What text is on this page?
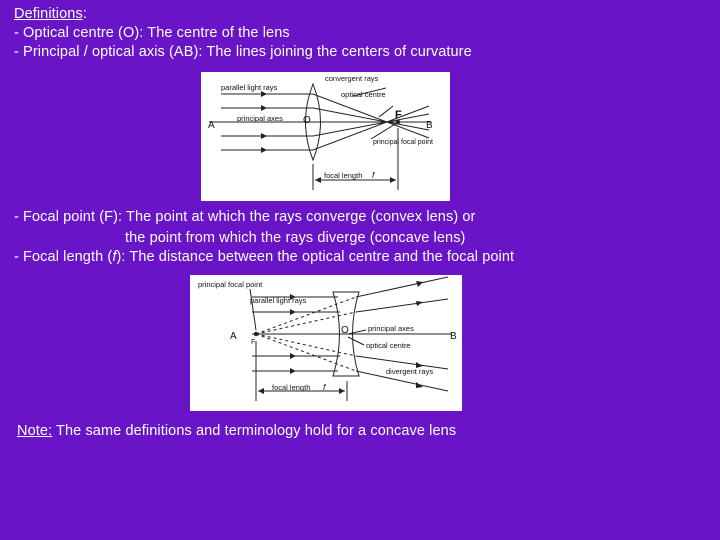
Definitions:
- Optical centre (O): The centre of the lens
- Principal / optical axis (AB): The lines joining the centers of curvature
convergent rays
parallel light rays
optical centre
principal axes
A	O	F
B
principal focal point
focal length f
- Focal point (F): The point at which the rays converge (convex lens) or
the point from which the rays diverge (concave lens)
- Focal length (f): The distance between the optical centre and the focal point
principal focal point
parallel light rays
A
F
O
B
principal axes
optical centre
divergent rays
focal length f
Note: The same definitions and terminology hold for a concave lens
